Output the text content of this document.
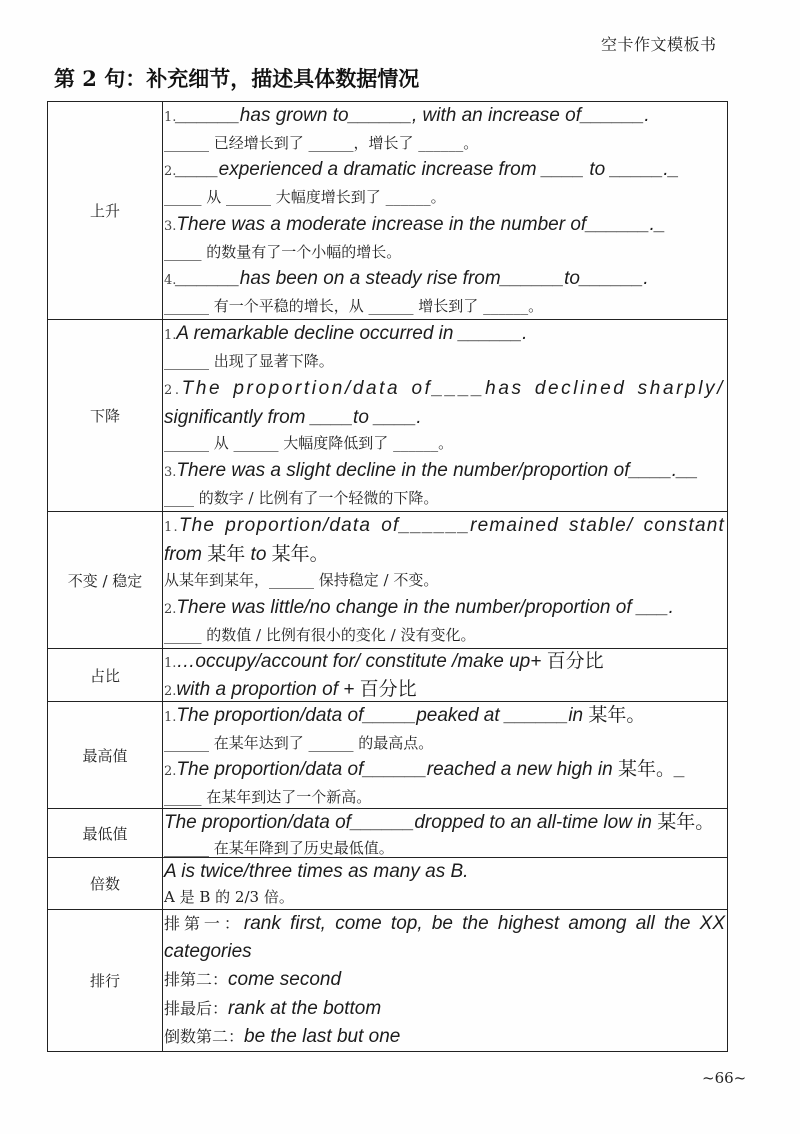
空卡作文模板书
第 2 句：补充细节，描述具体数据情况
上升
1.______has grown to______, with an increase of______.
______ 已经增长到了 ______，增长了 ______。
2.____experienced a dramatic increase from ____ to _____._
_____ 从 ______ 大幅度增长到了 ______。
3.There was a moderate increase in the number of______._
_____ 的数量有了一个小幅的增长。
4.______has been on a steady rise from______to______.
______ 有一个平稳的增长，从 ______ 增长到了 ______。
下降
1.A remarkable decline occurred in ______.
______ 出现了显著下降。
2.The proportion/data of____has declined sharply/
significantly from ____to ____.
______ 从 ______ 大幅度降低到了 ______。
3.There was a slight decline in the number/proportion of____.__
____ 的数字 / 比例有了一个轻微的下降。
不变 / 稳定
1.The proportion/data of______remained stable/ constant
from 某年 to 某年。
从某年到某年，______ 保持稳定 / 不变。
2.There was little/no change in the number/proportion of ___.
_____ 的数值 / 比例有很小的变化 / 没有变化。
占比
1.…occupy/account for/ constitute /make up+ 百分比
2.with a proportion of + 百分比
最高值
1.The proportion/data of_____peaked at ______in 某年。
______ 在某年达到了 ______ 的最高点。
2.The proportion/data of______reached a new high in 某年。_
_____ 在某年到达了一个新高。
最低值
The proportion/data of______dropped to an all-time low in 某年。
______ 在某年降到了历史最低值。
倍数
A is twice/three times as many as B.
A 是 B 的 2/3 倍。
排行
排第一：rank first, come top, be the highest among all the XX
categories
排第二：come second
排最后：rank at the bottom
倒数第二：be the last but one
~66~
